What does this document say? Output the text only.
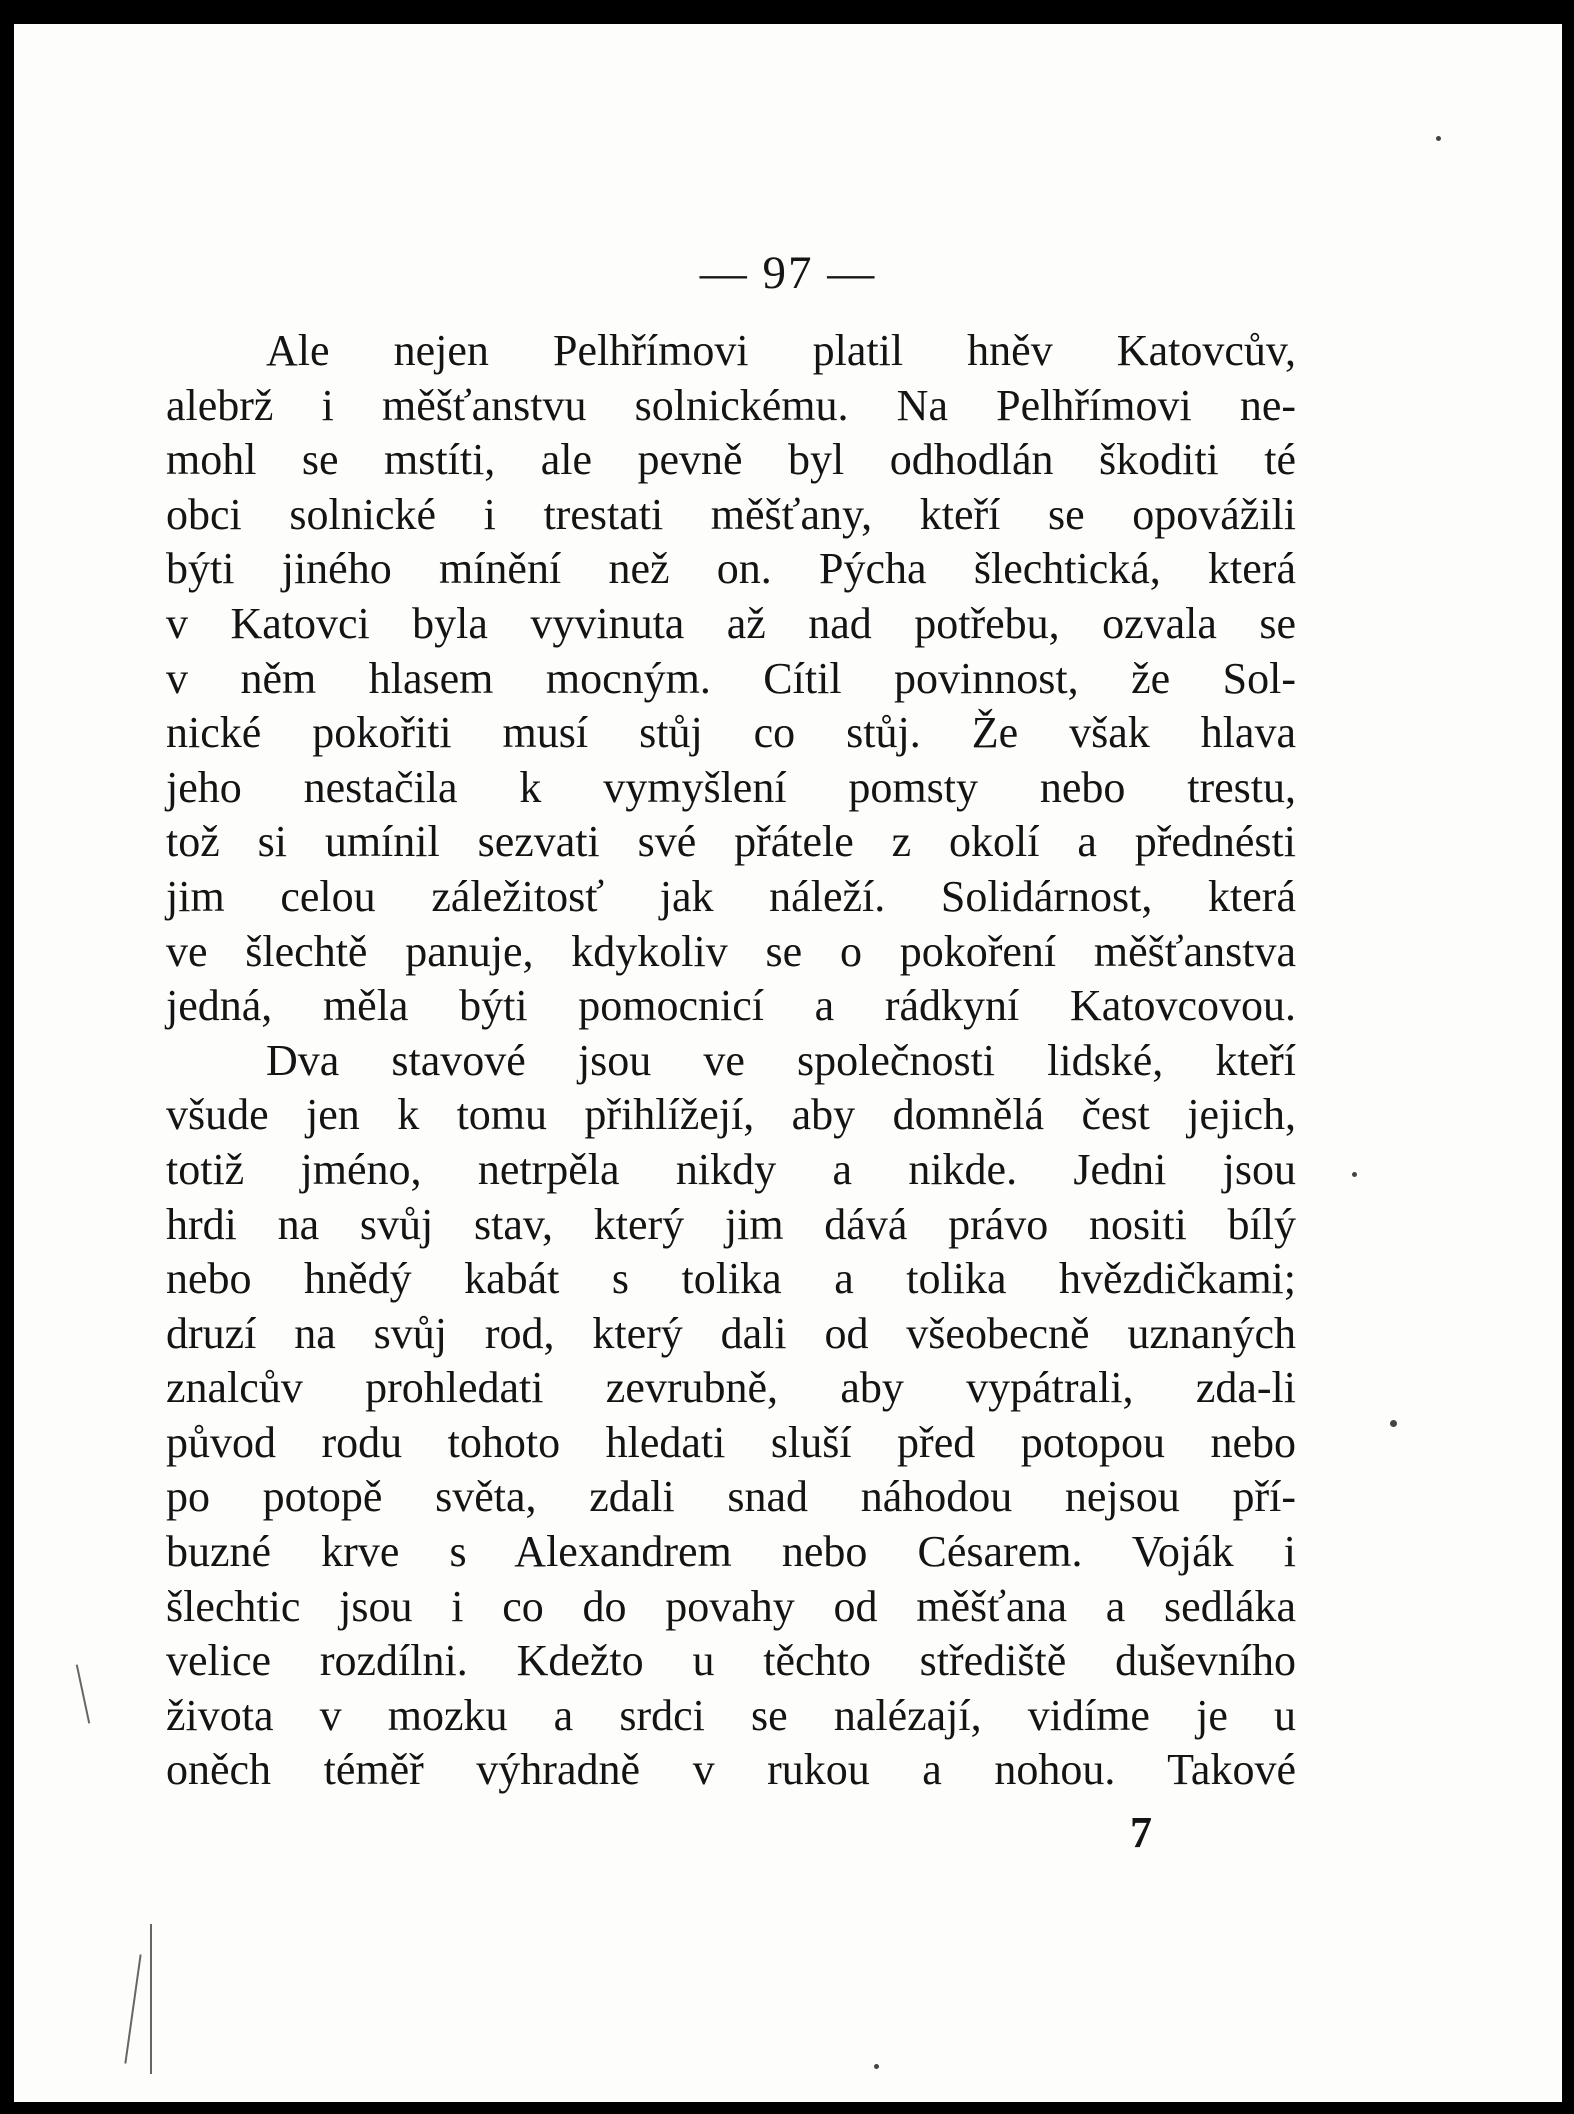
— 97 —
Ale nejen Pelhřímovi platil hněv Katovcův,
alebrž i měšťanstvu solnickému. Na Pelhřímovi ne-
mohl se mstíti, ale pevně byl odhodlán škoditi té
obci solnické i trestati měšťany, kteří se opovážili
býti jiného mínění než on. Pýcha šlechtická, která
v Katovci byla vyvinuta až nad potřebu, ozvala se
v něm hlasem mocným. Cítil povinnost, že Sol-
nické pokořiti musí stůj co stůj. Že však hlava
jeho nestačila k vymyšlení pomsty nebo trestu,
tož si umínil sezvati své přátele z okolí a přednésti
jim celou záležitosť jak náleží. Solidárnost, která
ve šlechtě panuje, kdykoliv se o pokoření měšťanstva
jedná, měla býti pomocnicí a rádkyní Katovcovou.
Dva stavové jsou ve společnosti lidské, kteří
všude jen k tomu přihlížejí, aby domnělá čest jejich,
totiž jméno, netrpěla nikdy a nikde. Jedni jsou
hrdi na svůj stav, který jim dává právo nositi bílý
nebo hnědý kabát s tolika a tolika hvězdičkami;
druzí na svůj rod, který dali od všeobecně uznaných
znalcův prohledati zevrubně, aby vypátrali, zda-li
původ rodu tohoto hledati sluší před potopou nebo
po potopě světa, zdali snad náhodou nejsou pří-
buzné krve s Alexandrem nebo Césarem. Voják i
šlechtic jsou i co do povahy od měšťana a sedláka
velice rozdílni. Kdežto u těchto střediště duševního
života v mozku a srdci se nalézají, vidíme je u
oněch téměř výhradně v rukou a nohou. Takové
7
